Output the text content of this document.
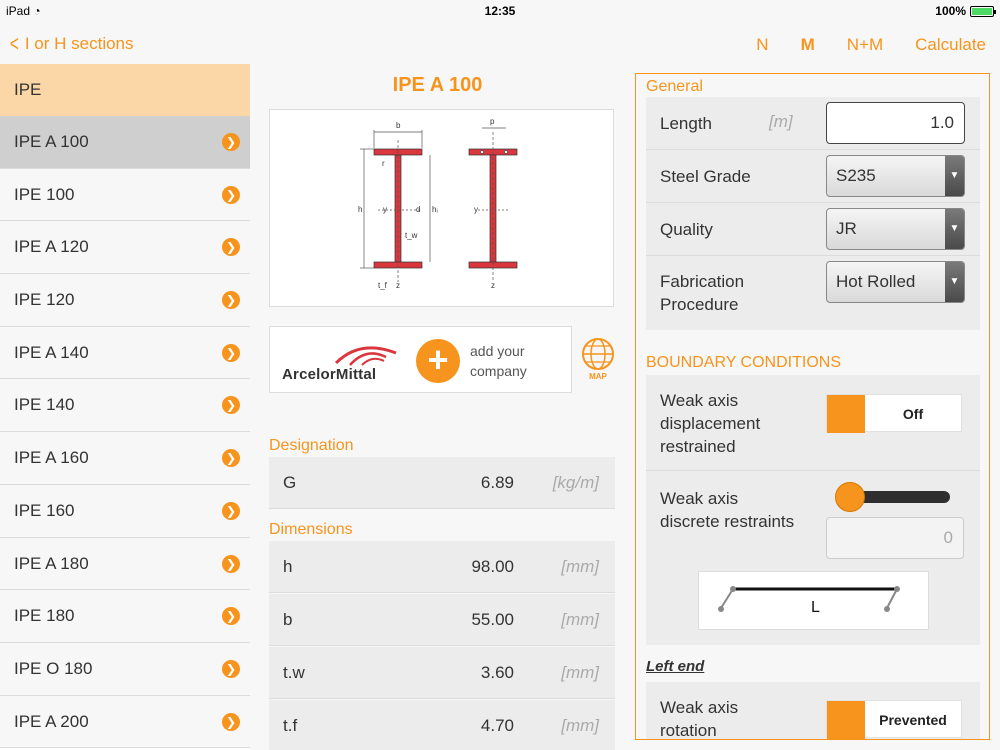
iPad ◔	12:35	100%
< I or H sections	N M N+M Calculate
IPE
IPE A 100	❯
IPE 100	❯
IPE A 120	❯
IPE 120	❯
IPE A 140	❯
IPE 140	❯
IPE A 160	❯
IPE 160	❯
IPE A 180	❯
IPE 180	❯
IPE O 180	❯
IPE A 200	❯
IPE A 100
b
h	y	d hᵢ
t_w
r
t_f z
p
y
z
ArcelorMittal	+	add your
company	MAP
Designation
G	6.89 [kg/m]
Dimensions
h	98.00	[mm]
b	55.00	[mm]
t.w	3.60	[mm]
t.f	4.70	[mm]
General
Length	[m]	1.0
Steel Grade	S235	▼
Quality	JR	▼
Fabrication
Procedure
Hot Rolled	▼
BOUNDARY CONDITIONS
Weak axis
displacement
restrained
Off
Weak axis
discrete restraints
0
L
Left end
Weak axis
rotation
Prevented
